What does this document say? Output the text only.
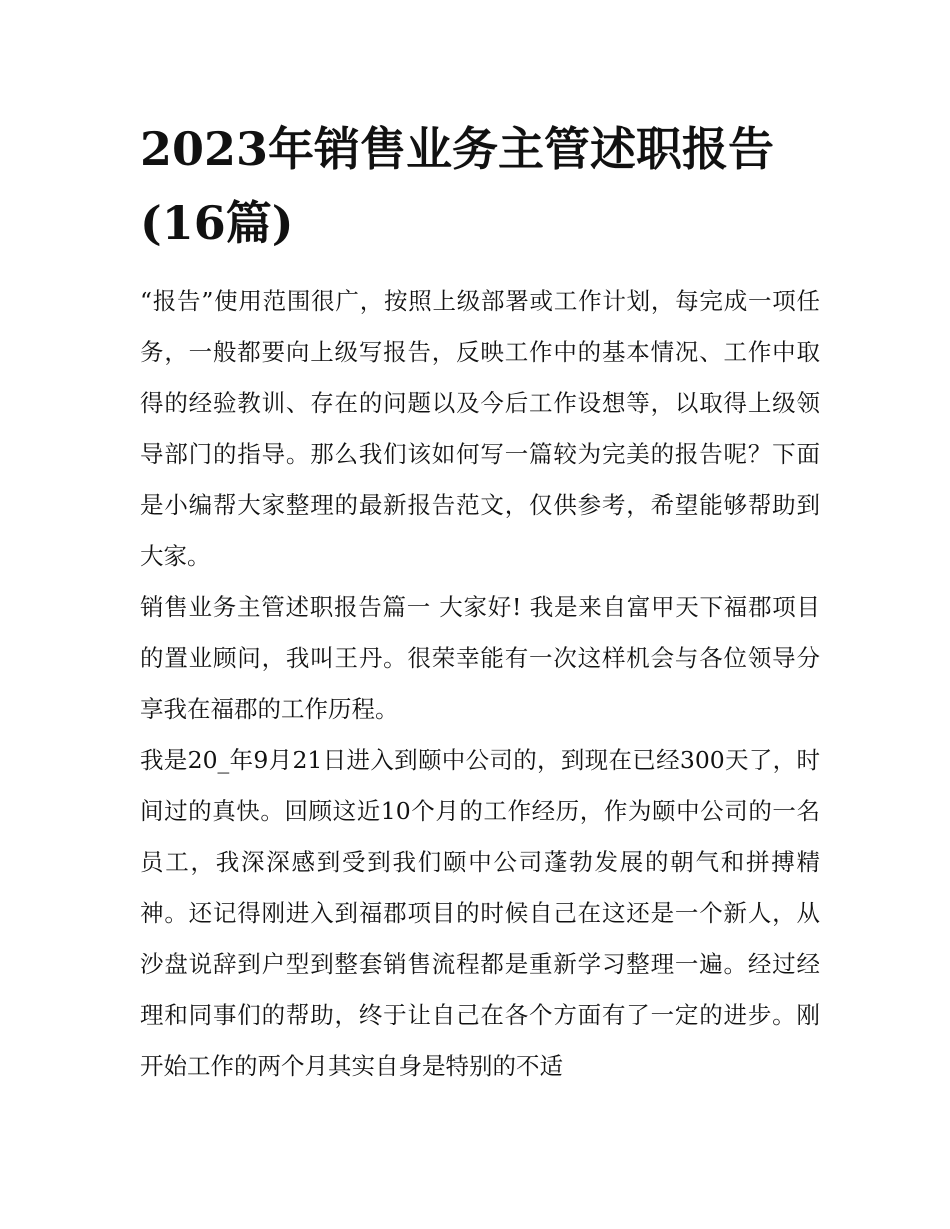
2023年销售业务主管述职报告(16篇)

“报告”使用范围很广，按照上级部署或工作计划，每完成一项任务，一般都要向上级写报告，反映工作中的基本情况、工作中取得的经验教训、存在的问题以及今后工作设想等，以取得上级领导部门的指导。那么我们该如何写一篇较为完美的报告呢？下面是小编帮大家整理的最新报告范文，仅供参考，希望能够帮助到大家。

销售业务主管述职报告篇一 大家好! 我是来自富甲天下福郡项目的置业顾问，我叫王丹。很荣幸能有一次这样机会与各位领导分享我在福郡的工作历程。

我是20_年9月21日进入到颐中公司的，到现在已经300天了，时间过的真快。回顾这近10个月的工作经历，作为颐中公司的一名员工，我深深感到受到我们颐中公司蓬勃发展的朝气和拼搏精神。还记得刚进入到福郡项目的时候自己在这还是一个新人，从沙盘说辞到户型到整套销售流程都是重新学习整理一遍。经过经理和同事们的帮助，终于让自己在各个方面有了一定的进步。刚开始工作的两个月其实自身是特别的不适
